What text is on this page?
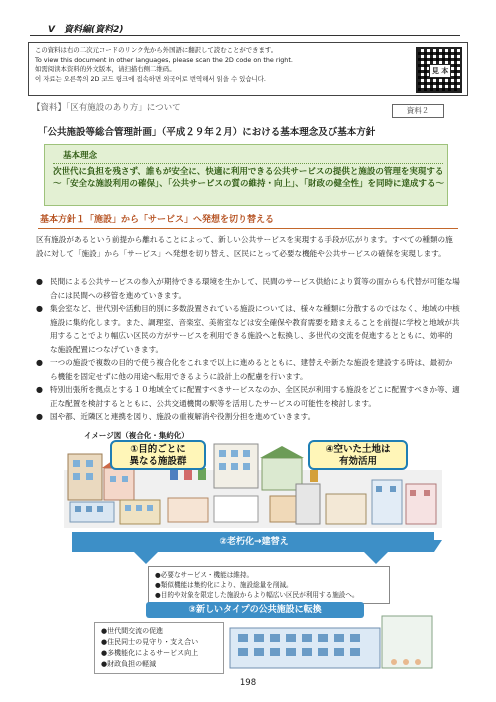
Ⅴ　資料編(資料2)
この資料は右の二次元コードのリンク先から外国語に翻訳して読むことができます。
To view this document in other languages, please scan the 2D code on the right.
如需阅读本资料的外文版本，请扫描右侧二维码。
이 자료는 오른쪽의 2D 코드 링크에 접속하면 외국어로 번역해서 읽을 수 있습니다.
見 本
【資料】「区有施設のあり方」について	資料２
「公共施設等総合管理計画」（平成２９年２月）における基本理念及び基本方針
基本理念
次世代に負担を残さず、誰もが安全に、快適に利用できる公共サービスの提供と施設の管理を実現する　～「安全な施設利用の確保」、「公共サービスの質の維持・向上」、「財政の健全性」を同時に達成する～
基本方針１「施設」から「サービス」へ発想を切り替える
区有施設があるという前提から離れることによって、新しい公共サービスを実現する手段が広がります。すべての種類の施設に対して「施設」から「サービス」へ発想を切り替え、区民にとって必要な機能や公共サービスの確保を実現します。
● 民間による公共サービスの参入が期待できる環境を生かして、民間のサービス供給により質等の面からも代替が可能な場合には民間への移管を進めていきます。
● 集会室など、世代別や活動目的別に多数設置されている施設については、様々な種類に分散するのではなく、地域の中核施設に集約化します。また、調理室、音楽室、美術室などは安全確保や教育需要を踏まえることを前提に学校と地域が共用することでより幅広い区民の方がサービスを利用できる施設へと転換し、多世代の交流を促進するとともに、効率的な施設配置につなげていきます。
● 一つの施設で複数の目的で使う複合化をこれまで以上に進めるとともに、建替えや新たな施設を建設する時は、最初から機能を固定せずに他の用途へ転用できるように設計上の配慮を行います。
● 特別出張所を拠点とする１０地域全てに配置すべきサービスなのか、全区民が利用する施設をどこに配置すべきか等、適正な配置を検討するとともに、公共交通機関の駅等を活用したサービスの可能性を検討します。
● 国や都、近隣区と連携を図り、施設の重複解消や役割分担を進めていきます。
イメージ図（複合化・集約化）
①目的ごとに
異なる施設群
④空いた土地は
有効活用
②老朽化→建替え
●必要なサービス・機能は維持。
●類似機能は集約化により、施設総量を削減。
●目的や対象を限定した施設からより幅広い区民が利用する施設へ。
③新しいタイプの公共施設に転換
●世代間交流の促進
●住民同士の見守り・支え合い
●多機能化によるサービス向上
●財政負担の軽減
198
